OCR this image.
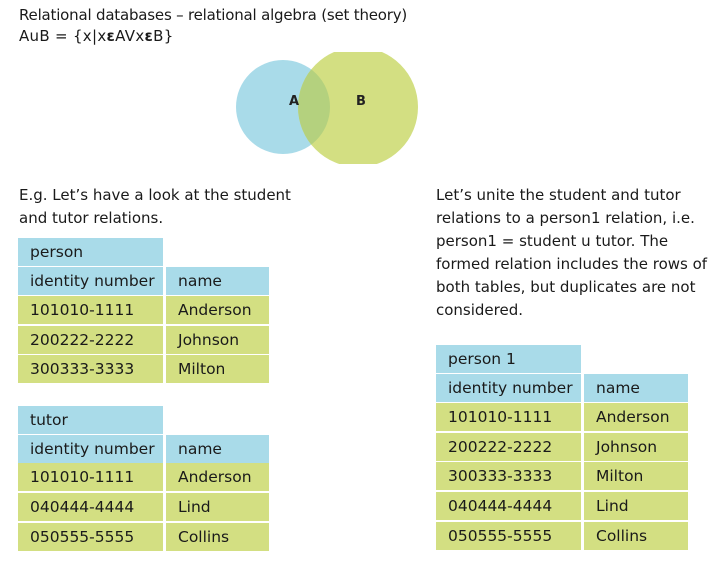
Relational databases – relational algebra (set theory)
AuB = {x|xεAVxεB}
A	B
E.g. Let’s have a look at the student and tutor relations.
Let’s unite the student and tutor relations to a person1 relation, i.e. person1 = student u tutor. The formed relation includes the rows of both tables, but duplicates are not considered.
person
identity number	name
101010-1111	Anderson
200222-2222	Johnson
300333-3333	Milton
tutor
identity number	name
101010-1111	Anderson
040444-4444	Lind
050555-5555	Collins
person 1
identity number	name
101010-1111	Anderson
200222-2222	Johnson
300333-3333	Milton
040444-4444	Lind
050555-5555	Collins
